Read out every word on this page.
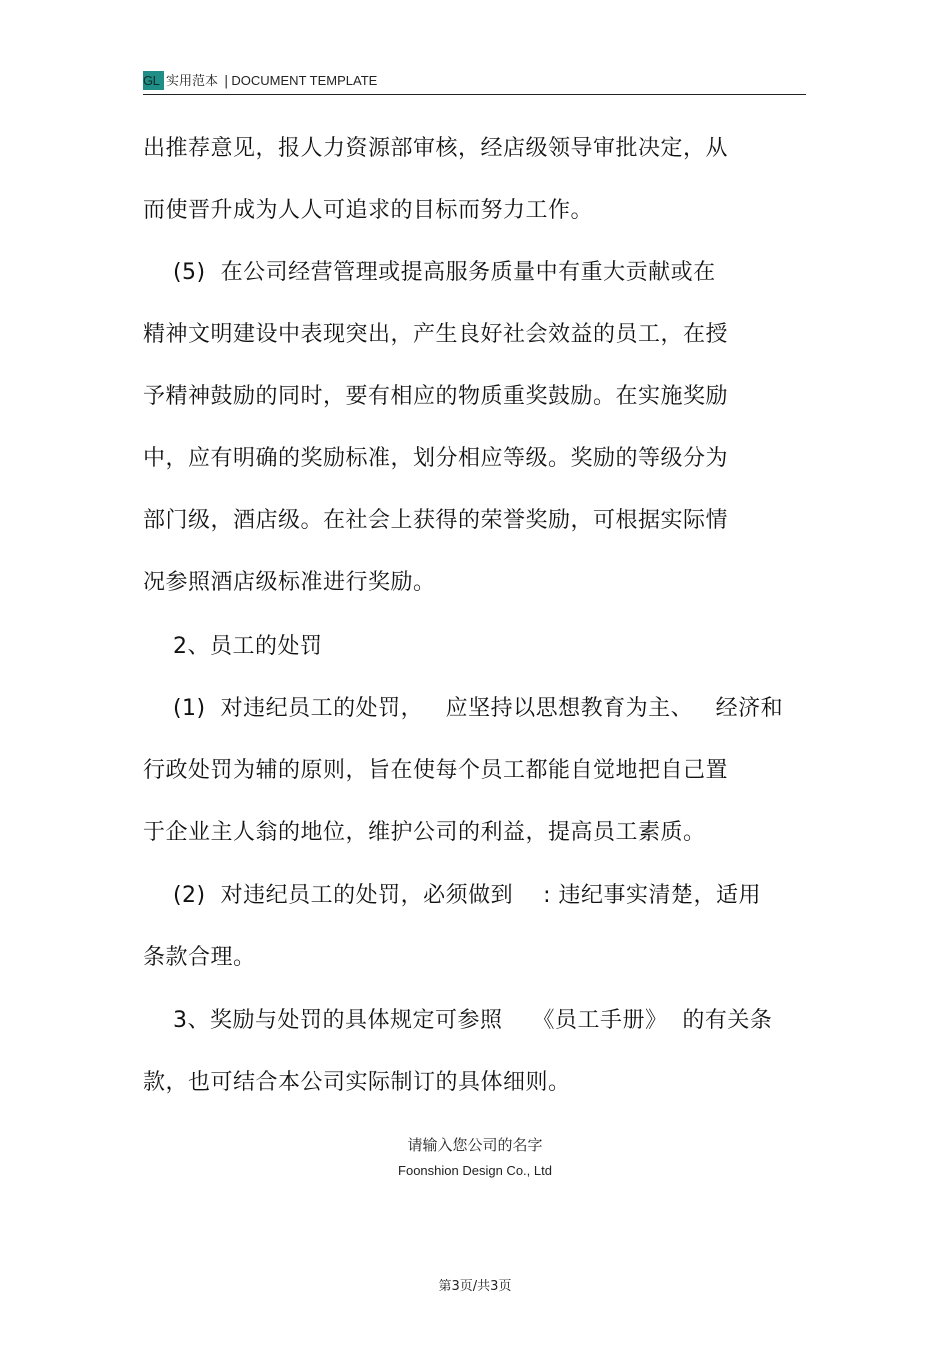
GL 实用范本 | DOCUMENT TEMPLATE
出推荐意见，报人力资源部审核，经店级领导审批决定，从
而使晋升成为人人可追求的目标而努力工作。
(5)  在公司经营管理或提高服务质量中有重大贡献或在
精神文明建设中表现突出，产生良好社会效益的员工，在授
予精神鼓励的同时，要有相应的物质重奖鼓励。在实施奖励
中，应有明确的奖励标准，划分相应等级。奖励的等级分为
部门级，酒店级。在社会上获得的荣誉奖励，可根据实际情
况参照酒店级标准进行奖励。
2、员工的处罚
(1)  对违纪员工的处罚，   应坚持以思想教育为主、   经济和
行政处罚为辅的原则，旨在使每个员工都能自觉地把自己置
于企业主人翁的地位，维护公司的利益，提高员工素质。
(2)  对违纪员工的处罚，必须做到    : 违纪事实清楚，适用
条款合理。
3、奖励与处罚的具体规定可参照    《员工手册》  的有关条
款，也可结合本公司实际制订的具体细则。
请输入您公司的名字
Foonshion Design Co., Ltd
第3页/共3页
